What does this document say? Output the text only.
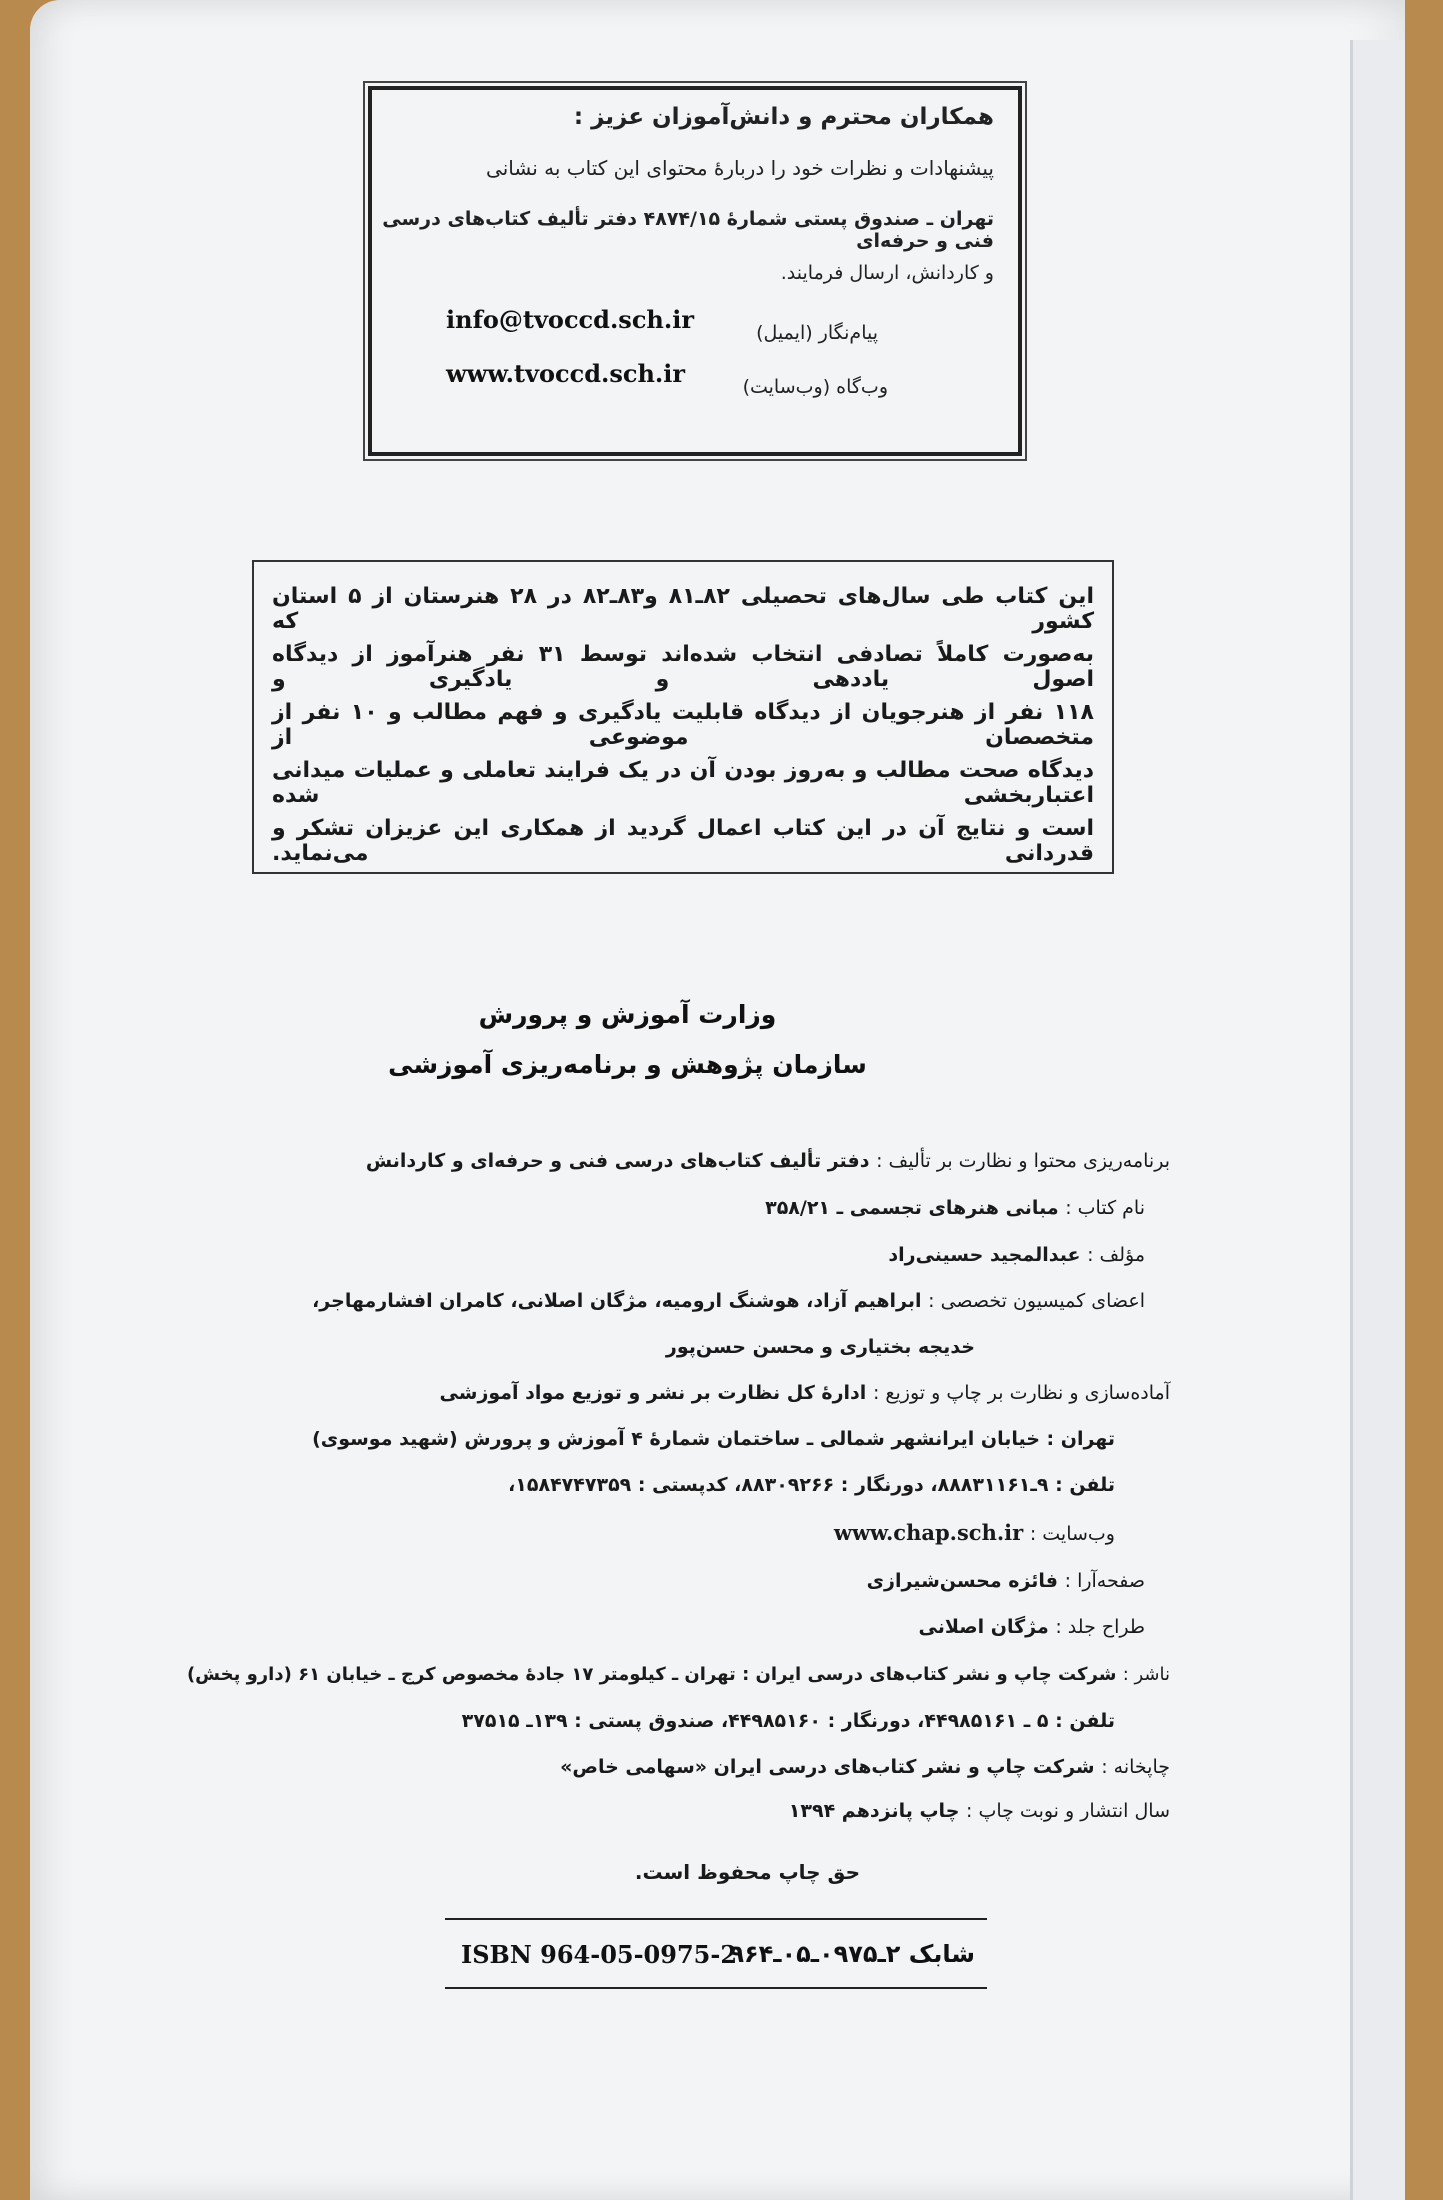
همکاران محترم و دانش‌آموزان عزیز :
پیشنهادات و نظرات خود را دربارهٔ محتوای این کتاب به نشانی
تهران ـ صندوق پستی شمارهٔ ۴۸۷۴/۱۵ دفتر تألیف کتاب‌های درسی فنی و حرفه‌ای
و کاردانش، ارسال فرمایند.
پیام‌نگار (ایمیل)
info@tvoccd.sch.ir
وب‌گاه (وب‌سایت)
www.tvoccd.sch.ir
این کتاب طی سال‌های تحصیلی ۸۲ـ۸۱ و۸۳ـ۸۲ در ۲۸ هنرستان از ۵ استان کشور که
به‌صورت کاملاً تصادفی انتخاب شده‌اند توسط ۳۱ نفر هنرآموز از دیدگاه اصول یاددهی و یادگیری و
۱۱۸ نفر از هنرجویان از دیدگاه قابلیت یادگیری و فهم مطالب و ۱۰ نفر از متخصصان موضوعی از
دیدگاه صحت مطالب و به‌روز بودن آن در یک فرایند تعاملی و عملیات میدانی اعتباربخشی شده
است و نتایج آن در این کتاب اعمال گردید از همکاری این عزیزان تشکر و قدردانی می‌نماید.
وزارت آموزش و پرورش
سازمان پژوهش و برنامه‌ریزی آموزشی
برنامه‌ریزی محتوا و نظارت بر تألیف : دفتر تألیف کتاب‌های درسی فنی و حرفه‌ای و کاردانش
نام کتاب : مبانی هنرهای تجسمی ـ ۳۵۸/۲۱
مؤلف : عبدالمجید حسینی‌راد
اعضای کمیسیون تخصصی : ابراهیم آزاد، هوشنگ ارومیه، مژگان اصلانی، کامران افشارمهاجر،
خدیجه بختیاری و محسن حسن‌پور
آماده‌سازی و نظارت بر چاپ و توزیع : ادارهٔ کل نظارت بر نشر و توزیع مواد آموزشی
تهران : خیابان ایرانشهر شمالی ـ ساختمان شمارهٔ ۴ آموزش و پرورش (شهید موسوی)
تلفن : ۹ـ۸۸۸۳۱۱۶۱، دورنگار : ۸۸۳۰۹۲۶۶، کدپستی : ۱۵۸۴۷۴۷۳۵۹،
وب‌سایت : www.chap.sch.ir
صفحه‌آرا : فائزه محسن‌شیرازی
طراح جلد : مژگان اصلانی
ناشر : شرکت چاپ و نشر کتاب‌های درسی ایران : تهران ـ کیلومتر ۱۷ جادهٔ مخصوص کرج ـ خیابان ۶۱ (دارو پخش)
تلفن : ۵ ـ ۴۴۹۸۵۱۶۱، دورنگار : ۴۴۹۸۵۱۶۰، صندوق پستی : ۱۳۹ـ ۳۷۵۱۵
چاپخانه : شرکت چاپ و نشر کتاب‌های درسی ایران «سهامی خاص»
سال انتشار و نوبت چاپ : چاپ پانزدهم ۱۳۹۴
حق چاپ محفوظ است.
ISBN 964-05-0975-2
شابک ۲ـ۰۹۷۵ـ۰۵ـ۹۶۴
